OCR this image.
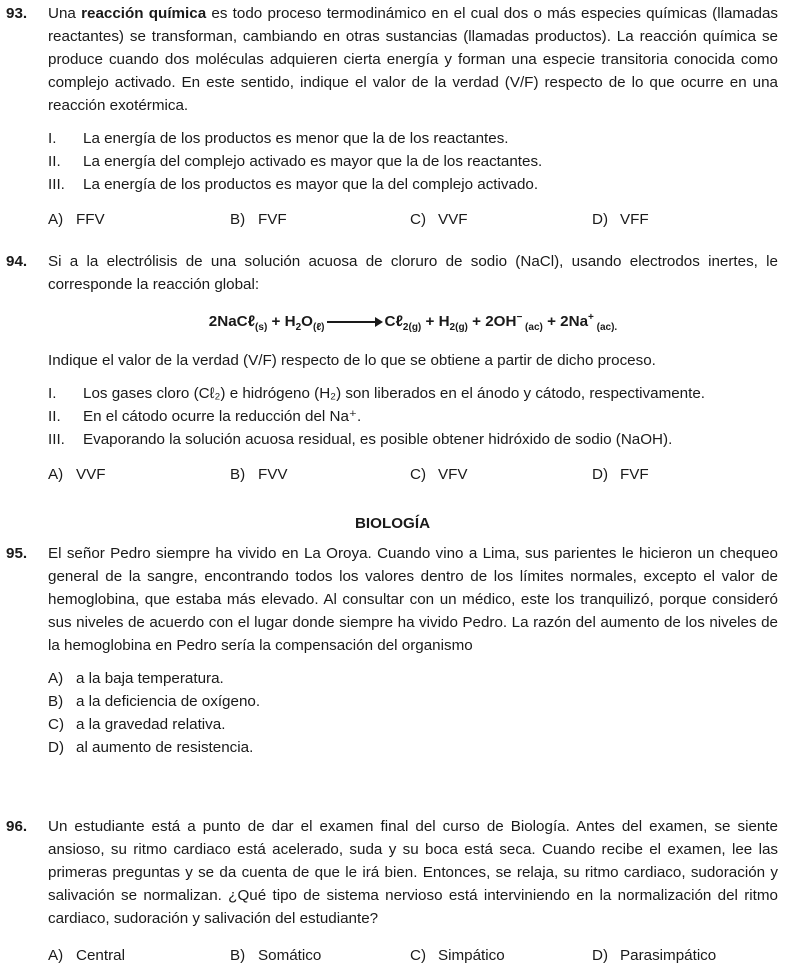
93. Una reacción química es todo proceso termodinámico en el cual dos o más especies químicas (llamadas reactantes) se transforman, cambiando en otras sustancias (llamadas productos). La reacción química se produce cuando dos moléculas adquieren cierta energía y forman una especie transitoria conocida como complejo activado. En este sentido, indique el valor de la verdad (V/F) respecto de lo que ocurre en una reacción exotérmica.

I. La energía de los productos es menor que la de los reactantes.
II. La energía del complejo activado es mayor que la de los reactantes.
III. La energía de los productos es mayor que la del complejo activado.
A) FFV	B) FVF	C) VVF	D) VFF
94. Si a la electrólisis de una solución acuosa de cloruro de sodio (NaCl), usando electrodos inertes, le corresponde la reacción global:

2NaCℓ$_{(s)}$ + $H_2O_{(\ell)}$	Cℓ$_{2(g)}$ + $H_{2(g)} + 2OH^-$ $_{(ac)}$ + 2Na+ $_{(ac).}$

Indique el valor de la verdad (V/F) respecto de lo que se obtiene a partir de dicho proceso.

I. Los gases cloro (Cℓ₂) e hidrógeno (H₂) son liberados en el ánodo y cátodo, respectivamente.
II. En el cátodo ocurre la reducción del Na⁺.
III. Evaporando la solución acuosa residual, es posible obtener hidróxido de sodio (NaOH).
A) VVF	B) FVV	C) VFV	D) FVF
BIOLOGÍA
95. El señor Pedro siempre ha vivido en La Oroya. Cuando vino a Lima, sus parientes le hicieron un chequeo general de la sangre, encontrando todos los valores dentro de los límites normales, excepto el valor de hemoglobina, que estaba más elevado. Al consultar con un médico, este los tranquilizó, porque consideró sus niveles de acuerdo con el lugar donde siempre ha vivido Pedro. La razón del aumento de los niveles de la hemoglobina en Pedro sería la compensación del organismo

A) a la baja temperatura.
B) a la deficiencia de oxígeno.
C) a la gravedad relativa.
D) al aumento de resistencia.
96. Un estudiante está a punto de dar el examen final del curso de Biología. Antes del examen, se siente ansioso, su ritmo cardiaco está acelerado, suda y su boca está seca. Cuando recibe el examen, lee las primeras preguntas y se da cuenta de que le irá bien. Entonces, se relaja, su ritmo cardiaco, sudoración y salivación se normalizan. ¿Qué tipo de sistema nervioso está interviniendo en la normalización del ritmo cardiaco, sudoración y salivación del estudiante?

A) Central	B) Somático	C) Simpático	D) Parasimpático
